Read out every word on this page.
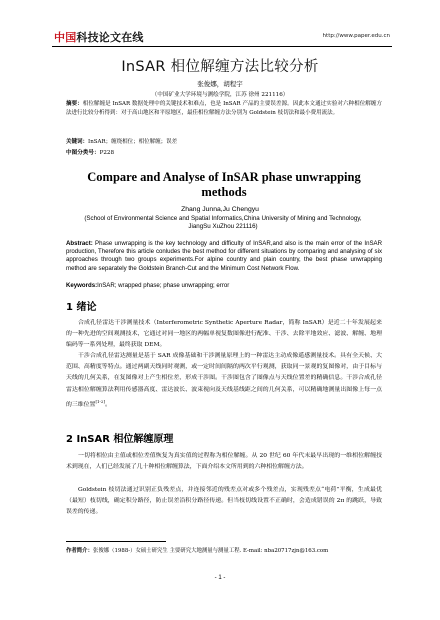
中国科技论文在线	http://www.paper.edu.cn
InSAR 相位解缠方法比较分析
张俊娜，胡程宇
（中国矿业大学环境与测绘学院，江苏 徐州 221116）
摘要：相位解缠是 InSAR 数据处理中的关键技术和难点，也是 InSAR 产品的主要误差源。因此本文通过实验对六种相位解缠方法进行比较分析得到：对于高山地区和平原地区，最佳相位解缠方法分别为 Goldstein 枝切法和最小费用流法。
关键词：InSAR；缠绕相位；相位解缠；误差
中图分类号：P228
Compare and Analyse of InSAR phase unwrapping methods
Zhang Junna,Ju Chengyu
(School of Environmental Science and Spatial Informatics,China University of Mining and Technology, JiangSu XuZhou 221116)
Abstract: Phase unwrapping is the key technology and difficulty of InSAR,and also is the main error of the InSAR production, Therefore this article conludes the best method for different situations by comparing and analysing of six approaches through two groups experiments.For alpine country and plain country, the best phase unwrapping method are separately the Goldstein Branch-Cut and the Minimum Cost Network Flow.
Keywords:InSAR; wrapped phase; phase unwrapping; error
1 绪论
合成孔径雷达干涉测量技术（Interferometric Synthetic Aperture Radar，简称 InSAR）是近二十年发展起来的一种先进的空间观测技术，它通过对同一地区的两幅单视复数图像进行配准、干涉、去除平地效应、滤波、解缠、地理编码等一系列处理，最终获取 DEM。
干涉合成孔径雷达测量是基于 SAR 成像基础和干涉测量原理上的一种雷达主动成像遥感测量技术。具有全天候、大范围、高精度等特点。通过两副天线同时观测，或一定时间间隔的两次平行观测，获取同一景观的复图像对，由于目标与天线的几何关系，在复图像对上产生相位差，形成干涉图。干涉图包含了图像点与天线位置差的精确信息。干涉合成孔径雷达相位解缠算法利用传感器高度、雷达波长、波束视向及天线基线距之间的几何关系，可以精确地测量出图像上每一点的三维位置[1-2]。
2 InSAR 相位解缠原理
一切将相位由主值或相位差值恢复为真实值的过程称为相位解缠。从 20 世纪 60 年代末最早出现的一维相位解缠技术到现在，人们已经发展了几十种相位解缠算法，下面介绍本文所用到的六种相位解缠方法。
Goldstein 枝切法通过识别正负残差点，并连接邻近的残差点对或多个残差点，实现残差点“电荷”平衡，生成最优（最短）枝切线，确定积分路径，防止误差沿积分路径传递。但当枝切线设置不正确时，会造成错误的 2π 的跳跃，导致误差的传递。
作者简介：张俊娜（1988-）女硕士研究生 主要研究大地测量与测量工程. E-mail: nba20717zjn@163.com
- 1 -
